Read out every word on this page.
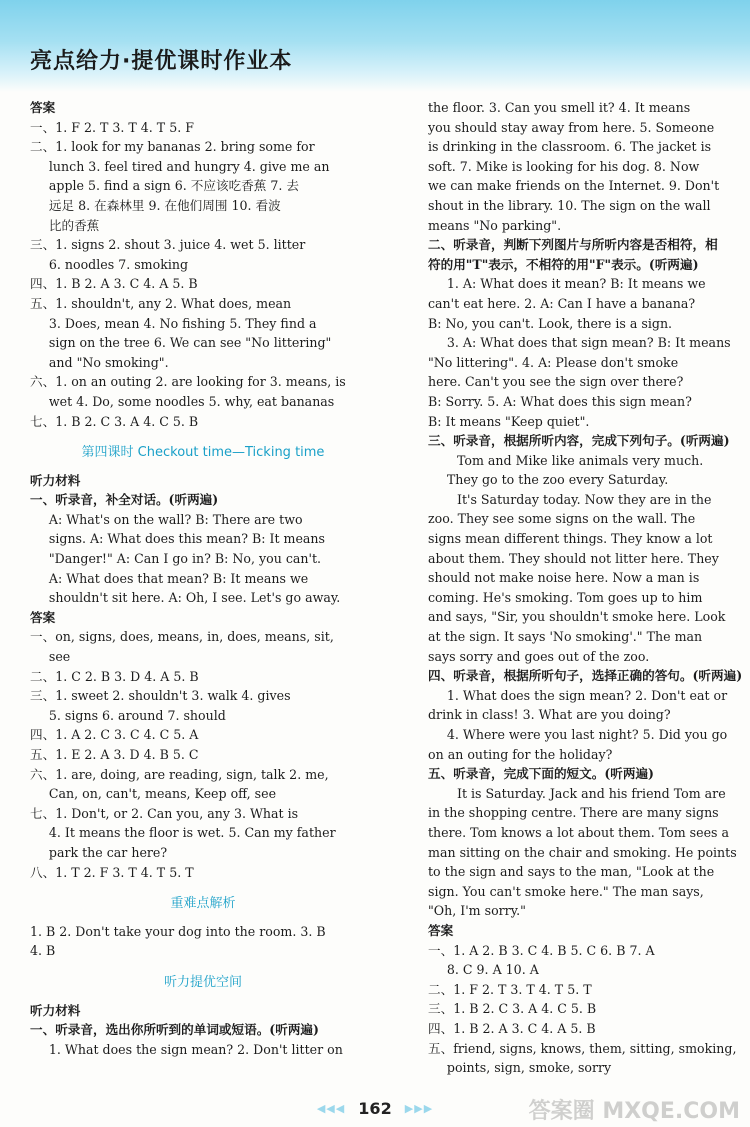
亮点给力·提优课时作业本
答案
一、1. F 2. T 3. T 4. T 5. F
二、1. look for my bananas 2. bring some for
lunch 3. feel tired and hungry 4. give me an
apple 5. find a sign 6. 不应该吃香蕉 7. 去
远足 8. 在森林里 9. 在他们周围 10. 看波
比的香蕉
三、1. signs 2. shout 3. juice 4. wet 5. litter
6. noodles 7. smoking
四、1. B 2. A 3. C 4. A 5. B
五、1. shouldn't, any 2. What does, mean
3. Does, mean 4. No fishing 5. They find a
sign on the tree 6. We can see "No littering"
and "No smoking".
六、1. on an outing 2. are looking for 3. means, is
wet 4. Do, some noodles 5. why, eat bananas
七、1. B 2. C 3. A 4. C 5. B
第四课时 Checkout time—Ticking time
听力材料
一、听录音，补全对话。(听两遍)
A: What's on the wall? B: There are two
signs. A: What does this mean? B: It means
"Danger!" A: Can I go in? B: No, you can't.
A: What does that mean? B: It means we
shouldn't sit here. A: Oh, I see. Let's go away.
答案
一、on, signs, does, means, in, does, means, sit,
see
二、1. C 2. B 3. D 4. A 5. B
三、1. sweet 2. shouldn't 3. walk 4. gives
5. signs 6. around 7. should
四、1. A 2. C 3. C 4. C 5. A
五、1. E 2. A 3. D 4. B 5. C
六、1. are, doing, are reading, sign, talk 2. me,
Can, on, can't, means, Keep off, see
七、1. Don't, or 2. Can you, any 3. What is
4. It means the floor is wet. 5. Can my father
park the car here?
八、1. T 2. F 3. T 4. T 5. T
重难点解析
1. B 2. Don't take your dog into the room. 3. B
4. B
听力提优空间
听力材料
一、听录音，选出你所听到的单词或短语。(听两遍)
1. What does the sign mean? 2. Don't litter on
the floor. 3. Can you smell it? 4. It means
you should stay away from here. 5. Someone
is drinking in the classroom. 6. The jacket is
soft. 7. Mike is looking for his dog. 8. Now
we can make friends on the Internet. 9. Don't
shout in the library. 10. The sign on the wall
means "No parking".
二、听录音，判断下列图片与所听内容是否相符，相
符的用"T"表示，不相符的用"F"表示。(听两遍)
1. A: What does it mean? B: It means we
can't eat here. 2. A: Can I have a banana?
B: No, you can't. Look, there is a sign.
3. A: What does that sign mean? B: It means
"No littering". 4. A: Please don't smoke
here. Can't you see the sign over there?
B: Sorry. 5. A: What does this sign mean?
B: It means "Keep quiet".
三、听录音，根据所听内容，完成下列句子。(听两遍)
Tom and Mike like animals very much.
They go to the zoo every Saturday.
It's Saturday today. Now they are in the
zoo. They see some signs on the wall. The
signs mean different things. They know a lot
about them. They should not litter here. They
should not make noise here. Now a man is
coming. He's smoking. Tom goes up to him
and says, "Sir, you shouldn't smoke here. Look
at the sign. It says 'No smoking'." The man
says sorry and goes out of the zoo.
四、听录音，根据所听句子，选择正确的答句。(听两遍)
1. What does the sign mean? 2. Don't eat or
drink in class! 3. What are you doing?
4. Where were you last night? 5. Did you go
on an outing for the holiday?
五、听录音，完成下面的短文。(听两遍)
It is Saturday. Jack and his friend Tom are
in the shopping centre. There are many signs
there. Tom knows a lot about them. Tom sees a
man sitting on the chair and smoking. He points
to the sign and says to the man, "Look at the
sign. You can't smoke here." The man says,
"Oh, I'm sorry."
答案
一、1. A 2. B 3. C 4. B 5. C 6. B 7. A
8. C 9. A 10. A
二、1. F 2. T 3. T 4. T 5. T
三、1. B 2. C 3. A 4. C 5. B
四、1. B 2. A 3. C 4. A 5. B
五、friend, signs, knows, them, sitting, smoking,
points, sign, smoke, sorry
◀◀◀ 162 ▶▶▶	答案圈 MXQE.COM
